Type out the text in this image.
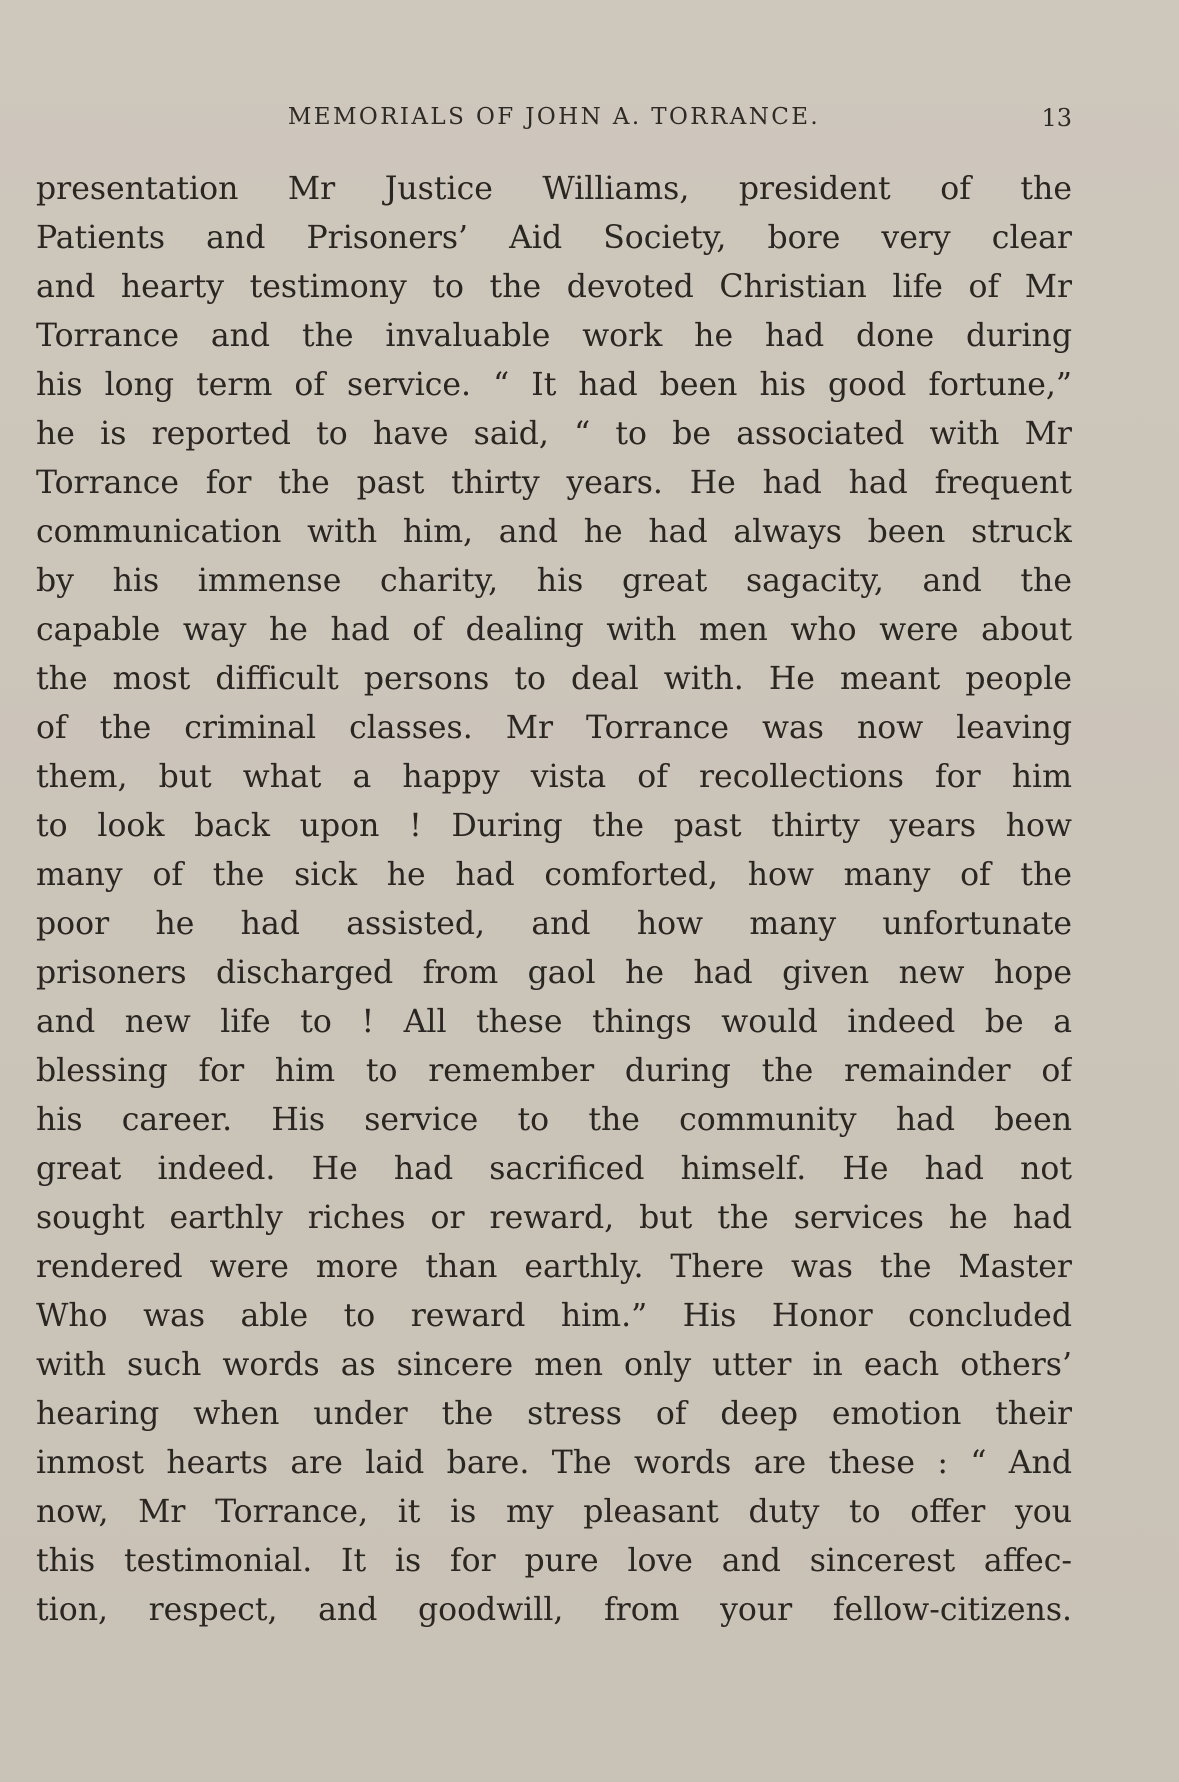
MEMORIALS OF JOHN A. TORRANCE.	13
presentation Mr Justice Williams, president of the
Patients and Prisoners’ Aid Society, bore very clear
and hearty testimony to the devoted Christian life of Mr
Torrance and the invaluable work he had done during
his long term of service. “ It had been his good fortune,”
he is reported to have said, “ to be associated with Mr
Torrance for the past thirty years. He had had frequent
communication with him, and he had always been struck
by his immense charity, his great sagacity, and the
capable way he had of dealing with men who were about
the most difficult persons to deal with. He meant people
of the criminal classes. Mr Torrance was now leaving
them, but what a happy vista of recollections for him
to look back upon ! During the past thirty years how
many of the sick he had comforted, how many of the
poor he had assisted, and how many unfortunate
prisoners discharged from gaol he had given new hope
and new life to ! All these things would indeed be a
blessing for him to remember during the remainder of
his career. His service to the community had been
great indeed. He had sacrificed himself. He had not
sought earthly riches or reward, but the services he had
rendered were more than earthly. There was the Master
Who was able to reward him.” His Honor concluded
with such words as sincere men only utter in each others’
hearing when under the stress of deep emotion their
inmost hearts are laid bare. The words are these : “ And
now, Mr Torrance, it is my pleasant duty to offer you
this testimonial. It is for pure love and sincerest affec-
tion, respect, and goodwill, from your fellow-citizens.
